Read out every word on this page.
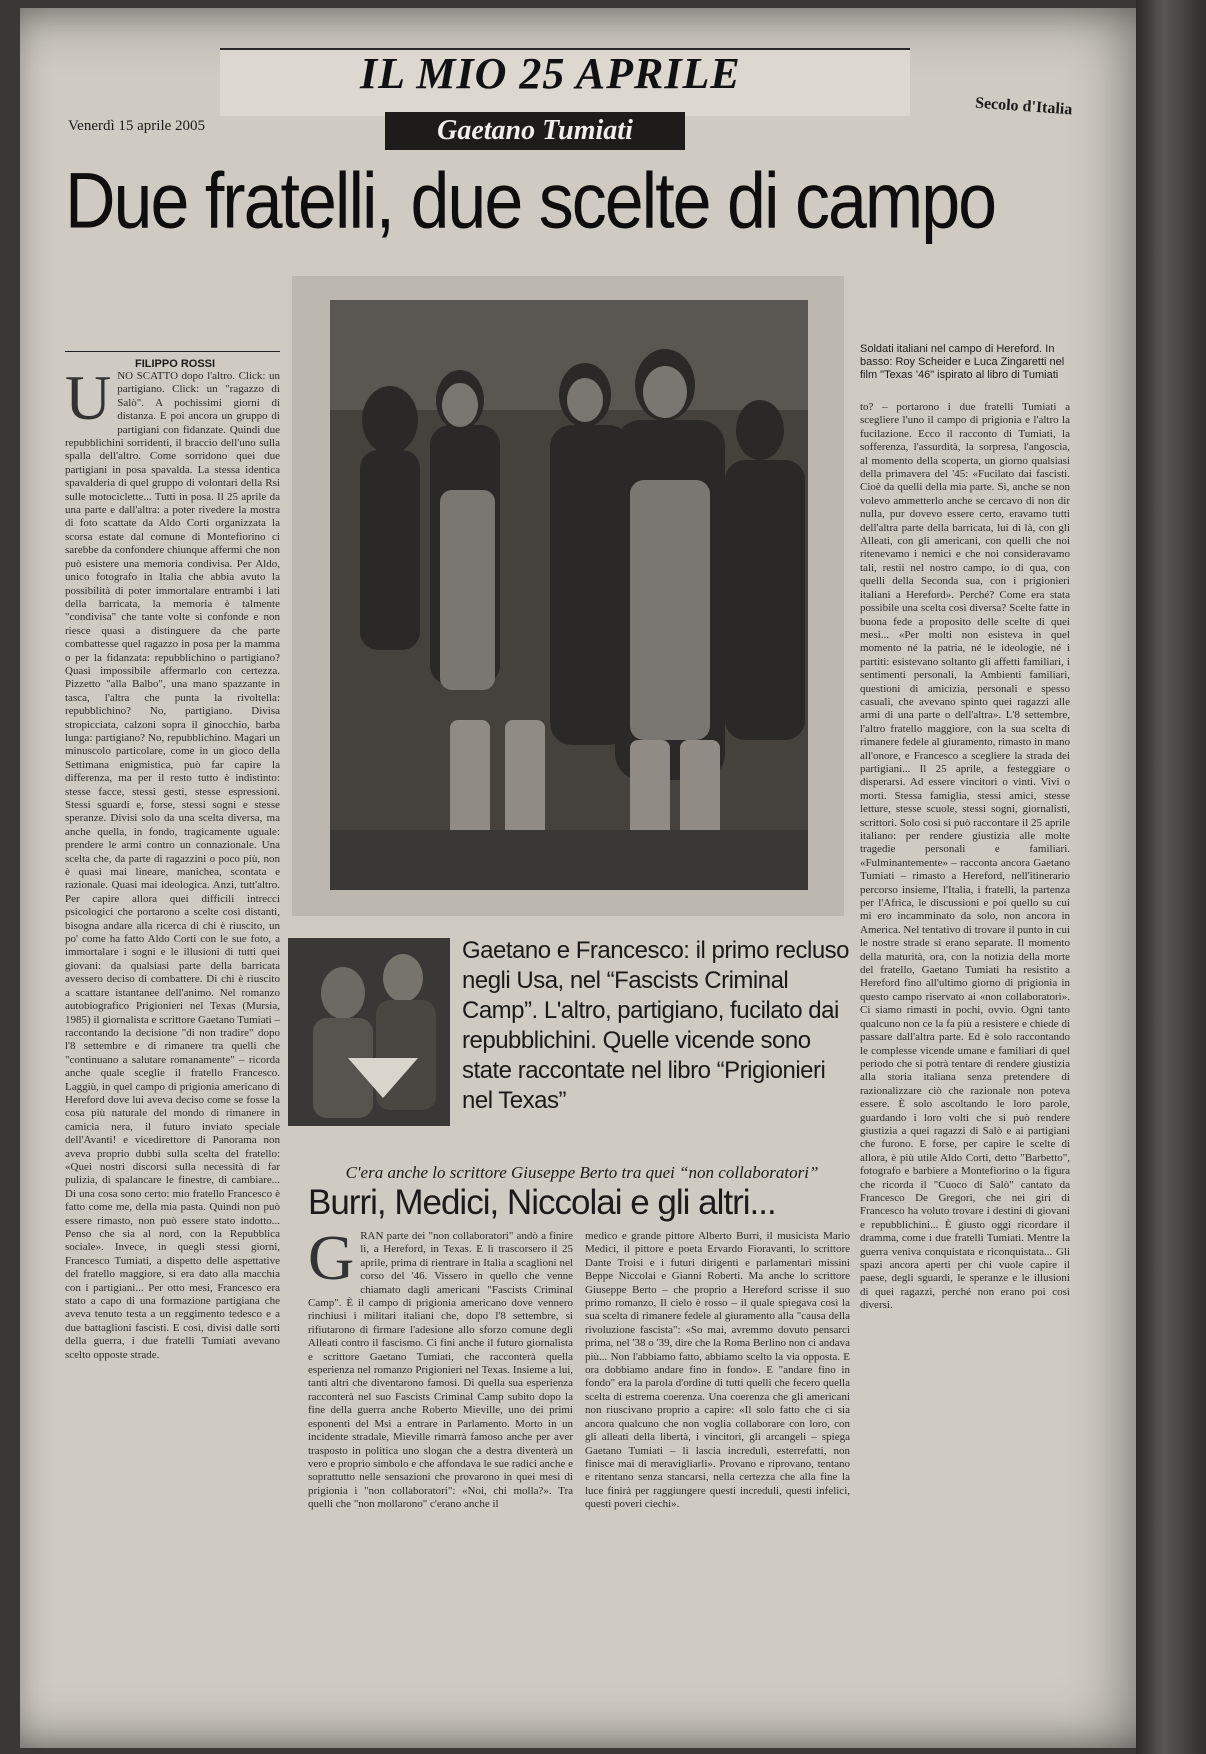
Venerdì 15 aprile 2005
Secolo d'Italia
Due fratelli, due scelte di campo
FILIPPO ROSSI
UNO SCATTO dopo l'altro. Click: un partigiano. Click: un "ragazzo di Salò". A pochissimi giorni di distanza. E poi ancora un gruppo di partigiani con fidanzate. Quindi due repubblichini sorridenti, il braccio dell'uno sulla spalla dell'altro. Come sorridono quei due partigiani in posa spavalda. La stessa identica spavalderia di quel gruppo di volontari della Rsi sulle motociclette... Tutti in posa. Il 25 aprile da una parte e dall'altra: a poter rivedere la mostra di foto scattate da Aldo Corti organizzata la scorsa estate dal comune di Montefiorino ci sarebbe da confondere chiunque affermi che non può esistere una memoria condivisa. Per Aldo, unico fotografo in Italia che abbia avuto la possibilità di poter immortalare entrambi i lati della barricata, la memoria è talmente "condivisa" che tante volte si confonde e non riesce quasi a distinguere da che parte combattesse quel ragazzo in posa per la mamma o per la fidanzata: repubblichino o partigiano? Quasi impossibile affermarlo con certezza. Pizzetto "alla Balbo", una mano spazzante in tasca, l'altra che punta la rivoltella: repubblichino? No, partigiano. Divisa stropicciata, calzoni sopra il ginocchio, barba lunga: partigiano? No, repubblichino. Magari un minuscolo particolare, come in un gioco della Settimana enigmistica, può far capire la differenza, ma per il resto tutto è indistinto: stesse facce, stessi gesti, stesse espressioni. Stessi sguardi e, forse, stessi sogni e stesse speranze. Divisi solo da una scelta diversa, ma anche quella, in fondo, tragicamente uguale: prendere le armi contro un connazionale. Una scelta che, da parte di ragazzini o poco più, non è quasi mai lineare, manichea, scontata e razionale. Quasi mai ideologica. Anzi, tutt'altro. Per capire allora quei difficili intrecci psicologici che portarono a scelte così distanti, bisogna andare alla ricerca di chi è riuscito, un po' come ha fatto Aldo Corti con le sue foto, a immortalare i sogni e le illusioni di tutti quei giovani: da qualsiasi parte della barricata avessero deciso di combattere. Di chi è riuscito a scattare istantanee dell'animo. Nel romanzo autobiografico Prigionieri nel Texas (Mursia, 1985) il giornalista e scrittore Gaetano Tumiati – raccontando la decisione "di non tradire" dopo l'8 settembre e di rimanere tra quelli che "continuano a salutare romanamente" – ricorda anche quale sceglie il fratello Francesco. Laggiù, in quel campo di prigionia americano di Hereford dove lui aveva deciso come se fosse la cosa più naturale del mondo di rimanere in camicia nera, il futuro inviato speciale dell'Avanti! e vicedirettore di Panorama non aveva proprio dubbi sulla scelta del fratello: «Quei nostri discorsi sulla necessità di far pulizia, di spalancare le finestre, di cambiare... Di una cosa sono certo: mio fratello Francesco è fatto come me, della mia pasta. Quindi non può essere rimasto, non può essere stato indotto... Penso che sia al nord, con la Repubblica sociale». Invece, in quegli stessi giorni, Francesco Tumiati, a dispetto delle aspettative del fratello maggiore, si era dato alla macchia con i partigiani... Per otto mesi, Francesco era stato a capo di una formazione partigiana che aveva tenuto testa a un reggimento tedesco e a due battaglioni fascisti. E così, divisi dalle sorti della guerra, i due fratelli Tumiati avevano scelto opposte strade.
Soldati italiani nel campo di Hereford. In basso: Roy Scheider e Luca Zingaretti nel film "Texas '46" ispirato al libro di Tumiati
to? – portarono i due fratelli Tumiati a scegliere l'uno il campo di prigionia e l'altro la fucilazione. Ecco il racconto di Tumiati, la sofferenza, l'assurdità, la sorpresa, l'angoscia, al momento della scoperta, un giorno qualsiasi della primavera del '45: «Fucilato dai fascisti. Cioè da quelli della mia parte. Sì, anche se non volevo ammetterlo anche se cercavo di non dir nulla, pur dovevo essere certo, eravamo tutti dell'altra parte della barricata, lui di là, con gli Alleati, con gli americani, con quelli che noi ritenevamo i nemici e che noi consideravamo tali, restii nel nostro campo, io di qua, con quelli della Seconda sua, con i prigionieri italiani a Hereford». Perché? Come era stata possibile una scelta così diversa? Scelte fatte in buona fede a proposito delle scelte di quei mesi... «Per molti non esisteva in quel momento né la patria, né le ideologie, né i partiti: esistevano soltanto gli affetti familiari, i sentimenti personali, la Ambienti familiari, questioni di amicizia, personali e spesso casuali, che avevano spinto quei ragazzi alle armi di una parte o dell'altra». L'8 settembre, l'altro fratello maggiore, con la sua scelta di rimanere fedele al giuramento, rimasto in mano all'onore, e Francesco a scegliere la strada dei partigiani... Il 25 aprile, a festeggiare o disperarsi. Ad essere vincitori o vinti. Vivi o morti. Stessa famiglia, stessi amici, stesse letture, stesse scuole, stessi sogni, giornalisti, scrittori. Solo così si può raccontare il 25 aprile italiano: per rendere giustizia alle molte tragedie personali e familiari. «Fulminantemente» – racconta ancora Gaetano Tumiati – rimasto a Hereford, nell'itinerario percorso insieme, l'Italia, i fratelli, la partenza per l'Africa, le discussioni e poi quello su cui mi ero incamminato da solo, non ancora in America. Nel tentativo di trovare il punto in cui le nostre strade si erano separate. Il momento della maturità, ora, con la notizia della morte del fratello, Gaetano Tumiati ha resistito a Hereford fino all'ultimo giorno di prigionia in questo campo riservato ai «non collaboratori». Ci siamo rimasti in pochi, ovvio. Ogni tanto qualcuno non ce la fa più a resistere e chiede di passare dall'altra parte. Ed è solo raccontando le complesse vicende umane e familiari di quel periodo che si potrà tentare di rendere giustizia alla storia italiana senza pretendere di razionalizzare ciò che razionale non poteva essere. È solo ascoltando le loro parole, guardando i loro volti che si può rendere giustizia a quei ragazzi di Salò e ai partigiani che furono. E forse, per capire le scelte di allora, è più utile Aldo Corti, detto "Barbetto", fotografo e barbiere a Montefiorino o la figura che ricorda il "Cuoco di Salò" cantato da Francesco De Gregori, che nei giri di Francesco ha voluto trovare i destini di giovani e repubblichini... È giusto oggi ricordare il dramma, come i due fratelli Tumiati. Mentre la guerra veniva conquistata e riconquistata... Gli spazi ancora aperti per chi vuole capire il paese, degli sguardi, le speranze e le illusioni di quei ragazzi, perché non erano poi così diversi.
Gaetano e Francesco: il primo recluso negli Usa, nel “Fascists Criminal Camp”. L'altro, partigiano, fucilato dai repubblichini. Quelle vicende sono state raccontate nel libro “Prigionieri nel Texas”
C'era anche lo scrittore Giuseppe Berto tra quei “non collaboratori”
Burri, Medici, Niccolai e gli altri...
GRAN parte dei "non collaboratori" andò a finire lì, a Hereford, in Texas. E lì trascorsero il 25 aprile, prima di rientrare in Italia a scaglioni nel corso del '46. Vissero in quello che venne chiamato dagli americani "Fascists Criminal Camp". È il campo di prigionia americano dove vennero rinchiusi i militari italiani che, dopo l'8 settembre, si rifiutarono di firmare l'adesione allo sforzo comune degli Alleati contro il fascismo. Ci fini anche il futuro giornalista e scrittore Gaetano Tumiati, che racconterà quella esperienza nel romanzo Prigionieri nel Texas. Insieme a lui, tanti altri che diventarono famosi. Di quella sua esperienza racconterà nel suo Fascists Criminal Camp subito dopo la fine della guerra anche Roberto Mieville, uno dei primi esponenti del Msi a entrare in Parlamento. Morto in un incidente stradale, Mieville rimarrà famoso anche per aver trasposto in politica uno slogan che a destra diventerà un vero e proprio simbolo e che affondava le sue radici anche e soprattutto nelle sensazioni che provarono in quei mesi di prigionia i "non collaboratori": «Noi, chi molla?». Tra quelli che "non mollarono" c'erano anche il
medico e grande pittore Alberto Burri, il musicista Mario Medici, il pittore e poeta Ervardo Fioravanti, lo scrittore Dante Troisi e i futuri dirigenti e parlamentari missini Beppe Niccolai e Gianni Roberti. Ma anche lo scrittore Giuseppe Berto – che proprio a Hereford scrisse il suo primo romanzo, Il cielo è rosso – il quale spiegava così la sua scelta di rimanere fedele al giuramento alla "causa della rivoluzione fascista": «So mai, avremmo dovuto pensarci prima, nel '38 o '39, dire che la Roma Berlino non ci andava più... Non l'abbiamo fatto, abbiamo scelto la via opposta. E ora dobbiamo andare fino in fondo». E "andare fino in fondo" era la parola d'ordine di tutti quelli che fecero quella scelta di estrema coerenza. Una coerenza che gli americani non riuscivano proprio a capire: «Il solo fatto che ci sia ancora qualcuno che non voglia collaborare con loro, con gli alleati della libertà, i vincitori, gli arcangeli – spiega Gaetano Tumiati – li lascia increduli, esterrefatti, non finisce mai di meravigliarli». Provano e riprovano, tentano e ritentano senza stancarsi, nella certezza che alla fine la luce finirà per raggiungere questi increduli, questi infelici, questi poveri ciechi».
IL MIO 25 APRILE
Gaetano Tumiati
